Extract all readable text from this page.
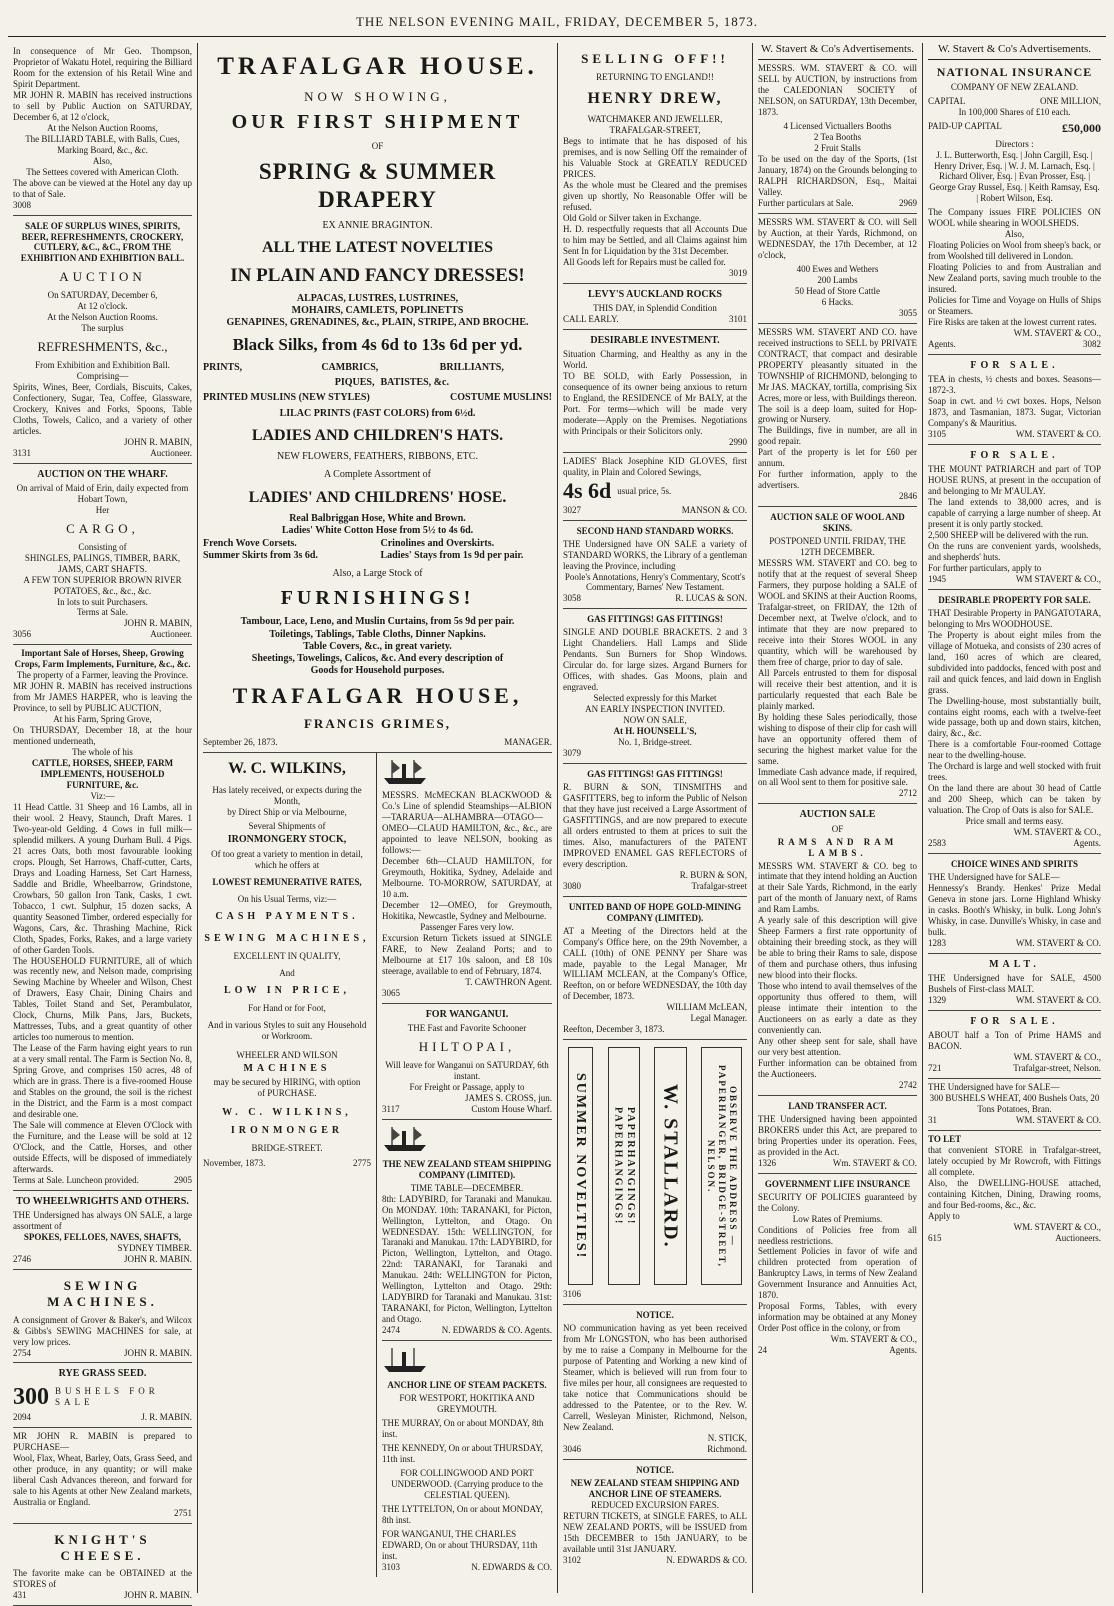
THE NELSON EVENING MAIL, FRIDAY, DECEMBER 5, 1873.
In consequence of Mr Geo. Thompson, Proprietor of Wakatu Hotel, requiring the Billiard Room for the extension of his Retail Wine and Spirit Department.
MR JOHN R. MABIN has received instructions to sell by Public Auction on SATURDAY, December 6, at 12 o'clock,
At the Nelson Auction Rooms,
The BILLIARD TABLE, with Balls, Cues, Marking Board, &c., &c.
Also,
The Settees covered with American Cloth.
The above can be viewed at the Hotel any day up to that of Sale.
3008
SALE OF SURPLUS WINES, SPIRITS, BEER, REFRESHMENTS, CROCKERY, CUTLERY, &C., &C., FROM THE EXHIBITION AND EXHIBITION BALL.
AUCTION
On SATURDAY, December 6,
At 12 o'clock.
At the Nelson Auction Rooms.
The surplus
REFRESHMENTS, &c.,
From Exhibition and Exhibition Ball.
Comprising—
Spirits, Wines, Beer, Cordials, Biscuits, Cakes, Confectionery, Sugar, Tea, Coffee, Glassware, Crockery, Knives and Forks, Spoons, Table Cloths, Towels, Calico, and a variety of other articles.
JOHN R. MABIN,
3131	Auctioneer.
AUCTION ON THE WHARF.
On arrival of Maid of Erin, daily expected from Hobart Town,
Her
CARGO,
Consisting of
SHINGLES, PALINGS, TIMBER, BARK, JAMS, CART SHAFTS.
A FEW TON SUPERIOR BROWN RIVER POTATOES, &c., &c., &c.
In lots to suit Purchasers.
Terms at Sale.
JOHN R. MABIN,
3056	Auctioneer.
Important Sale of Horses, Sheep, Growing Crops, Farm Implements, Furniture, &c., &c.
The property of a Farmer, leaving the Province.
MR JOHN R. MABIN has received instructions from Mr JAMES HARPER, who is leaving the Province, to sell by PUBLIC AUCTION,
At his Farm, Spring Grove,
On THURSDAY, December 18, at the hour mentioned underneath,
The whole of his
CATTLE, HORSES, SHEEP, FARM IMPLEMENTS, HOUSEHOLD FURNITURE, &c.
Viz:—
11 Head Cattle. 31 Sheep and 16 Lambs, all in their wool. 2 Heavy, Staunch, Draft Mares. 1 Two-year-old Gelding. 4 Cows in full milk—splendid milkers. A young Durham Bull. 4 Pigs. 21 acres Oats, both most favourable looking crops. Plough, Set Harrows, Chaff-cutter, Carts, Drays and Loading Harness, Set Cart Harness, Saddle and Bridle, Wheelbarrow, Grindstone, Crowbars, 50 gallon Iron Tank, Casks, 1 cwt. Tobacco, 1 cwt. Sulphur, 15 dozen sacks, A quantity Seasoned Timber, ordered especially for Wagons, Cars, &c. Thrashing Machine, Rick Cloth, Spades, Forks, Rakes, and a large variety of other Garden Tools.
The HOUSEHOLD FURNITURE, all of which was recently new, and Nelson made, comprising Sewing Machine by Wheeler and Wilson, Chest of Drawers, Easy Chair, Dining Chairs and Tables, Toilet Stand and Set, Perambulator, Clock, Churns, Milk Pans, Jars, Buckets, Mattresses, Tubs, and a great quantity of other articles too numerous to mention.
The Lease of the Farm having eight years to run at a very small rental. The Farm is Section No. 8, Spring Grove, and comprises 150 acres, 48 of which are in grass. There is a five-roomed House and Stables on the ground, the soil is the richest in the District, and the Farm is a most compact and desirable one.
The Sale will commence at Eleven O'Clock with the Furniture, and the Lease will be sold at 12 O'Clock, and the Cattle, Horses, and other outside Effects, will be disposed of immediately afterwards.
Terms at Sale. Luncheon provided.	2905
TO WHEELWRIGHTS AND OTHERS.
THE Undersigned has always ON SALE, a large assortment of
SPOKES, FELLOES, NAVES, SHAFTS,
SYDNEY TIMBER.
2746	JOHN R. MABIN.
SEWING MACHINES.
A consignment of Grover & Baker's, and Wilcox & Gibbs's SEWING MACHINES for sale, at very low prices.
2754	JOHN R. MABIN.
RYE GRASS SEED.
300 BUSHELS FOR SALE
2094	J. R. MABIN.
MR JOHN R. MABIN is prepared to PURCHASE—
Wool, Flax, Wheat, Barley, Oats, Grass Seed, and other produce, in any quantity; or will make liberal Cash Advances thereon, and forward for sale to his Agents at other New Zealand markets, Australia or England.
2751
KNIGHT'S CHEESE.
The favorite make can be OBTAINED at the STORES of
431	JOHN R. MABIN.
TRAFALGAR HOUSE.
NOW SHOWING,
OUR FIRST SHIPMENT
OF
SPRING & SUMMER DRAPERY
EX ANNIE BRAGINTON.
ALL THE LATEST NOVELTIES
IN PLAIN AND FANCY DRESSES!
ALPACAS, LUSTRES, LUSTRINES,
MOHAIRS, CAMLETS, POPLINETTS
GENAPINES, GRENADINES, &c., PLAIN, STRIPE, AND BROCHE.
Black Silks, from 4s 6d to 13s 6d per yd.
PRINTS,	CAMBRICS,	BRILLIANTS,
PIQUES, BATISTES, &c.
PRINTED MUSLINS (NEW STYLES)	COSTUME MUSLINS!
LILAC PRINTS (FAST COLORS) from 6½d.
LADIES AND CHILDREN'S HATS.
NEW FLOWERS, FEATHERS, RIBBONS, ETC.
A Complete Assortment of
LADIES' AND CHILDRENS' HOSE.
Real Balbriggan Hose, White and Brown.
Ladies' White Cotton Hose from 5½ to 4s 6d.
French Wove Corsets.	Crinolines and Overskirts.
Summer Skirts from 3s 6d.	Ladies' Stays from 1s 9d per pair.
Also, a Large Stock of
FURNISHINGS!
Tambour, Lace, Leno, and Muslin Curtains, from 5s 9d per pair.
Toiletings, Tablings, Table Cloths, Dinner Napkins.
Table Covers, &c., in great variety.
Sheetings, Towelings, Calicos, &c. And every description of
Goods for Household purposes.
TRAFALGAR HOUSE,
FRANCIS GRIMES,
September 26, 1873.	MANAGER.
W. C. WILKINS,
Has lately received, or expects during the Month,
by Direct Ship or via Melbourne,
Several Shipments of
IRONMONGERY STOCK,
Of too great a variety to mention in detail,
which he offers at
LOWEST REMUNERATIVE RATES,
On his Usual Terms, viz:—
CASH PAYMENTS.
SEWING MACHINES,
EXCELLENT IN QUALITY,
And
LOW IN PRICE,
For Hand or for Foot,
And in various Styles to suit any Household or Workroom.
WHEELER AND WILSON
MACHINES
may be secured by HIRING, with option
of PURCHASE.
W. C. WILKINS,
IRONMONGER
BRIDGE-STREET.
November, 1873.	2775
MESSRS. McMECKAN BLACKWOOD & Co.'s Line of splendid Steamships—ALBION—TARARUA—ALHAMBRA—OTAGO—OMEO—CLAUD HAMILTON, &c., &c., are appointed to leave NELSON, booking as follows:—
December 6th—CLAUD HAMILTON, for Greymouth, Hokitika, Sydney, Adelaide and Melbourne. TO-MORROW, SATURDAY, at 10 a.m.
December 12—OMEO, for Greymouth, Hokitika, Newcastle, Sydney and Melbourne.
Passenger Fares very low.
Excursion Return Tickets issued at SINGLE FARE, to New Zealand Ports; and to Melbourne at £17 10s saloon, and £8 10s steerage, available to end of February, 1874.
T. CAWTHRON Agent.
3065
FOR WANGANUI.
THE Fast and Favorite Schooner
HILTOPAI,
Will leave for Wanganui on SATURDAY, 6th instant.
For Freight or Passage, apply to
JAMES S. CROSS, jun.
3117	Custom House Wharf.
THE NEW ZEALAND STEAM SHIPPING COMPANY (LIMITED).
TIME TABLE—DECEMBER.
8th: LADYBIRD, for Taranaki and Manukau. On MONDAY. 10th: TARANAKI, for Picton, Wellington, Lyttelton, and Otago. On WEDNESDAY. 15th: WELLINGTON, for Taranaki and Manukau. 17th: LADYBIRD, for Picton, Wellington, Lyttelton, and Otago. 22nd: TARANAKI, for Taranaki and Manukau. 24th: WELLINGTON for Picton, Wellington, Lyttelton and Otago. 29th: LADYBIRD for Taranaki and Manukau. 31st: TARANAKI, for Picton, Wellington, Lyttelton and Otago.
2474	N. EDWARDS & CO. Agents.
ANCHOR LINE OF STEAM PACKETS.
FOR WESTPORT, HOKITIKA AND GREYMOUTH.
THE MURRAY, On or about MONDAY, 8th inst.
THE KENNEDY, On or about THURSDAY, 11th inst.
FOR COLLINGWOOD AND PORT UNDERWOOD. (Carrying produce to the CELESTIAL QUEEN).
THE LYTTELTON, On or about MONDAY, 8th inst.
FOR WANGANUI, THE CHARLES EDWARD, On or about THURSDAY, 11th inst.
3103	N. EDWARDS & CO.
SELLING OFF!!
RETURNING TO ENGLAND!!
HENRY DREW,
WATCHMAKER AND JEWELLER,
TRAFALGAR-STREET,
Begs to intimate that he has disposed of his premises, and is now Selling Off the remainder of his Valuable Stock at GREATLY REDUCED PRICES.
As the whole must be Cleared and the premises given up shortly, No Reasonable Offer will be refused.
Old Gold or Silver taken in Exchange.
H. D. respectfully requests that all Accounts Due to him may be Settled, and all Claims against him Sent In for Liquidation by the 31st December.
All Goods left for Repairs must be called for.
3019
LEVY'S AUCKLAND ROCKS
THIS DAY, in Splendid Condition
CALL EARLY.	3101
DESIRABLE INVESTMENT.
Situation Charming, and Healthy as any in the World.
TO BE SOLD, with Early Possession, in consequence of its owner being anxious to return to England, the RESIDENCE of Mr BALY, at the Port. For terms—which will be made very moderate—Apply on the Premises. Negotiations with Principals or their Solicitors only.
2990
LADIES' Black Josephine KID GLOVES, first quality, in Plain and Colored Sewings,
4s 6d usual price, 5s.
3027	MANSON & CO.
SECOND HAND STANDARD WORKS.
THE Undersigned have ON SALE a variety of STANDARD WORKS, the Library of a gentleman leaving the Province, including
Poole's Annotations, Henry's Commentary, Scott's Commentary, Barnes' New Testament.
3058	R. LUCAS & SON.
GAS FITTINGS! GAS FITTINGS!
SINGLE AND DOUBLE BRACKETS. 2 and 3 Light Chandeliers. Hall Lamps and Slide Pendants. Sun Burners for Shop Windows. Circular do. for large sizes. Argand Burners for Offices, with shades. Gas Moons, plain and engraved.
Selected expressly for this Market
AN EARLY INSPECTION INVITED.
NOW ON SALE,
At H. HOUNSELL'S,
No. 1, Bridge-street.
3079
GAS FITTINGS! GAS FITTINGS!
R. BURN & SON, TINSMITHS and GASFITTERS, beg to inform the Public of Nelson that they have just received a Large Assortment of GASFITTINGS, and are now prepared to execute all orders entrusted to them at prices to suit the times. Also, manufacturers of the PATENT IMPROVED ENAMEL GAS REFLECTORS of every description.
R. BURN & SON,
3080	Trafalgar-street
UNITED BAND OF HOPE GOLD-MINING COMPANY (LIMITED).
AT a Meeting of the Directors held at the Company's Office here, on the 29th November, a CALL (10th) of ONE PENNY per Share was made, payable to the Legal Manager, Mr WILLIAM MCLEAN, at the Company's Office, Reefton, on or before WEDNESDAY, the 10th day of December, 1873.
WILLIAM McLEAN,
Legal Manager.
Reefton, December 3, 1873.
SUMMER NOVELTIES!	PAPERHANGINGS! PAPERHANGINGS!	W. STALLARD.	OBSERVE THE ADDRESS — PAPERHANGER, BRIDGE-STREET, NELSON.
3106
NOTICE.
NO communication having as yet been received from Mr LONGSTON, who has been authorised by me to raise a Company in Melbourne for the purpose of Patenting and Working a new kind of Steamer, which is believed will run from four to five miles per hour, all consignees are requested to take notice that Communications should be addressed to the Patentee, or to the Rev. W. Carrell, Wesleyan Minister, Richmond, Nelson, New Zealand.
N. STICK,
3046	Richmond.
NOTICE.
NEW ZEALAND STEAM SHIPPING AND ANCHOR LINE OF STEAMERS.
REDUCED EXCURSION FARES.
RETURN TICKETS, at SINGLE FARES, to ALL NEW ZEALAND PORTS, will be ISSUED from 15th DECEMBER to 15th JANUARY, to be available until 31st JANUARY.
3102	N. EDWARDS & CO.
W. Stavert & Co's Advertisements.
MESSRS. WM. STAVERT & CO. will SELL by AUCTION, by instructions from the CALEDONIAN SOCIETY of NELSON, on SATURDAY, 13th December, 1873.
4 Licensed Victuallers Booths
2 Tea Booths
2 Fruit Stalls
To be used on the day of the Sports, (1st January, 1874) on the Grounds belonging to RALPH RICHARDSON, Esq., Maitai Valley.
Further particulars at Sale.	2969
MESSRS WM. STAVERT & CO. will Sell by Auction, at their Yards, Richmond, on WEDNESDAY, the 17th December, at 12 o'clock,
400 Ewes and Wethers
200 Lambs
50 Head of Store Cattle
6 Hacks.
3055
MESSRS WM. STAVERT AND CO. have received instructions to SELL by PRIVATE CONTRACT, that compact and desirable PROPERTY pleasantly situated in the TOWNSHIP of RICHMOND, belonging to Mr JAS. MACKAY, tortilla, comprising Six Acres, more or less, with Buildings thereon.
The soil is a deep loam, suited for Hop-growing or Nursery.
The Buildings, five in number, are all in good repair.
Part of the property is let for £60 per annum.
For further information, apply to the advertisers.
2846
AUCTION SALE OF WOOL AND SKINS.
POSTPONED UNTIL FRIDAY, THE 12TH DECEMBER.
MESSRS WM. STAVERT and CO. beg to notify that at the request of several Sheep Farmers, they purpose holding a SALE of WOOL and SKINS at their Auction Rooms, Trafalgar-street, on FRIDAY, the 12th of December next, at Twelve o'clock, and to intimate that they are now prepared to receive into their Stores WOOL in any quantity, which will be warehoused by them free of charge, prior to day of sale.
All Parcels entrusted to them for disposal will receive their best attention, and it is particularly requested that each Bale be plainly marked.
By holding these Sales periodically, those wishing to dispose of their clip for cash will have an opportunity offered them of securing the highest market value for the same.
Immediate Cash advance made, if required, on all Wool sent to them for positive sale.
2712
AUCTION SALE
OF
RAMS AND RAM LAMBS.
MESSRS WM. STAVERT & CO. beg to intimate that they intend holding an Auction at their Sale Yards, Richmond, in the early part of the month of January next, of Rams and Ram Lambs.
A yearly sale of this description will give Sheep Farmers a first rate opportunity of obtaining their breeding stock, as they will be able to bring their Rams to sale, dispose of them and purchase others, thus infusing new blood into their flocks.
Those who intend to avail themselves of the opportunity thus offered to them, will please intimate their intention to the Auctioneers on as early a date as they conveniently can.
Any other sheep sent for sale, shall have our very best attention.
Further information can be obtained from the Auctioneers.
2742
LAND TRANSFER ACT.
THE Undersigned having been appointed BROKERS under this Act, are prepared to bring Properties under its operation. Fees, as provided in the Act.
1326	Wm. STAVERT & CO.
GOVERNMENT LIFE INSURANCE
SECURITY OF POLICIES guaranteed by the Colony.
Low Rates of Premiums.
Conditions of Policies free from all needless restrictions.
Settlement Policies in favor of wife and children protected from operation of Bankruptcy Laws, in terms of New Zealand Government Insurance and Annuities Act, 1870.
Proposal Forms, Tables, with every information may be obtained at any Money Order Post office in the colony, or from
Wm. STAVERT & CO.,
24	Agents.
W. Stavert & Co's Advertisements.
NATIONAL INSURANCE
COMPANY OF NEW ZEALAND.
CAPITAL	ONE MILLION,
In 100,000 Shares of £10 each.
PAID-UP CAPITAL	£50,000
Directors :
J. L. Butterworth, Esq. | John Cargill, Esq. | Henry Driver, Esq. | W. J. M. Larnach, Esq. | Richard Oliver, Esq. | Evan Prosser, Esq. | George Gray Russel, Esq. | Keith Ramsay, Esq. | Robert Wilson, Esq.
The Company issues FIRE POLICIES ON WOOL while shearing in WOOLSHEDS.
Also,
Floating Policies on Wool from sheep's back, or from Woolshed till delivered in London.
Floating Policies to and from Australian and New Zealand ports, saving much trouble to the insured.
Policies for Time and Voyage on Hulls of Ships or Steamers.
Fire Risks are taken at the lowest current rates.
WM. STAVERT & CO.,
Agents.	3082
FOR SALE.
TEA in chests, ½ chests and boxes. Seasons—1872-3.
Soap in cwt. and ½ cwt boxes. Hops, Nelson 1873, and Tasmanian, 1873. Sugar, Victorian Company's & Mauritius.
3105	WM. STAVERT & CO.
FOR SALE.
THE MOUNT PATRIARCH and part of TOP HOUSE RUNS, at present in the occupation of and belonging to Mr M'AULAY.
The land extends to 38,000 acres, and is capable of carrying a large number of sheep. At present it is only partly stocked.
2,500 SHEEP will be delivered with the run.
On the runs are convenient yards, woolsheds, and shepherds' huts.
For further particulars, apply to
1945	WM STAVERT & CO.,
DESIRABLE PROPERTY FOR SALE.
THAT Desirable Property in PANGATOTARA, belonging to Mrs WOODHOUSE.
The Property is about eight miles from the village of Motueka, and consists of 230 acres of land, 160 acres of which are cleared, subdivided into paddocks, fenced with post and rail and quick fences, and laid down in English grass.
The Dwelling-house, most substantially built, contains eight rooms, each with a twelve-feet wide passage, both up and down stairs, kitchen, dairy, &c., &c.
There is a comfortable Four-roomed Cottage near to the dwelling-house.
The Orchard is large and well stocked with fruit trees.
On the land there are about 30 head of Cattle and 200 Sheep, which can be taken by valuation. The Crop of Oats is also for SALE.
Price small and terms easy.
WM. STAVERT & CO.,
2583	Agents.
CHOICE WINES AND SPIRITS
THE Undersigned have for SALE—
Hennessy's Brandy. Henkes' Prize Medal Geneva in stone jars. Lorne Highland Whisky in casks. Booth's Whisky, in bulk. Long John's Whisky, in case. Dunville's Whisky, in case and bulk.
1283	WM. STAVERT & CO.
MALT.
THE Undersigned have for SALE, 4500 Bushels of First-class MALT.
1329	WM. STAVERT & CO.
FOR SALE.
ABOUT half a Ton of Prime HAMS and BACON.
WM. STAVERT & CO.,
721	Trafalgar-street, Nelson.
THE Undersigned have for SALE—
300 BUSHELS WHEAT, 400 Bushels Oats, 20 Tons Potatoes, Bran.
31	WM. STAVERT & CO.
TO LET
that convenient STORE in Trafalgar-street, lately occupied by Mr Rowcroft, with Fittings all complete.
Also, the DWELLING-HOUSE attached, containing Kitchen, Dining, Drawing rooms, and four Bed-rooms, &c., &c.
Apply to
WM. STAVERT & CO.,
615	Auctioneers.
